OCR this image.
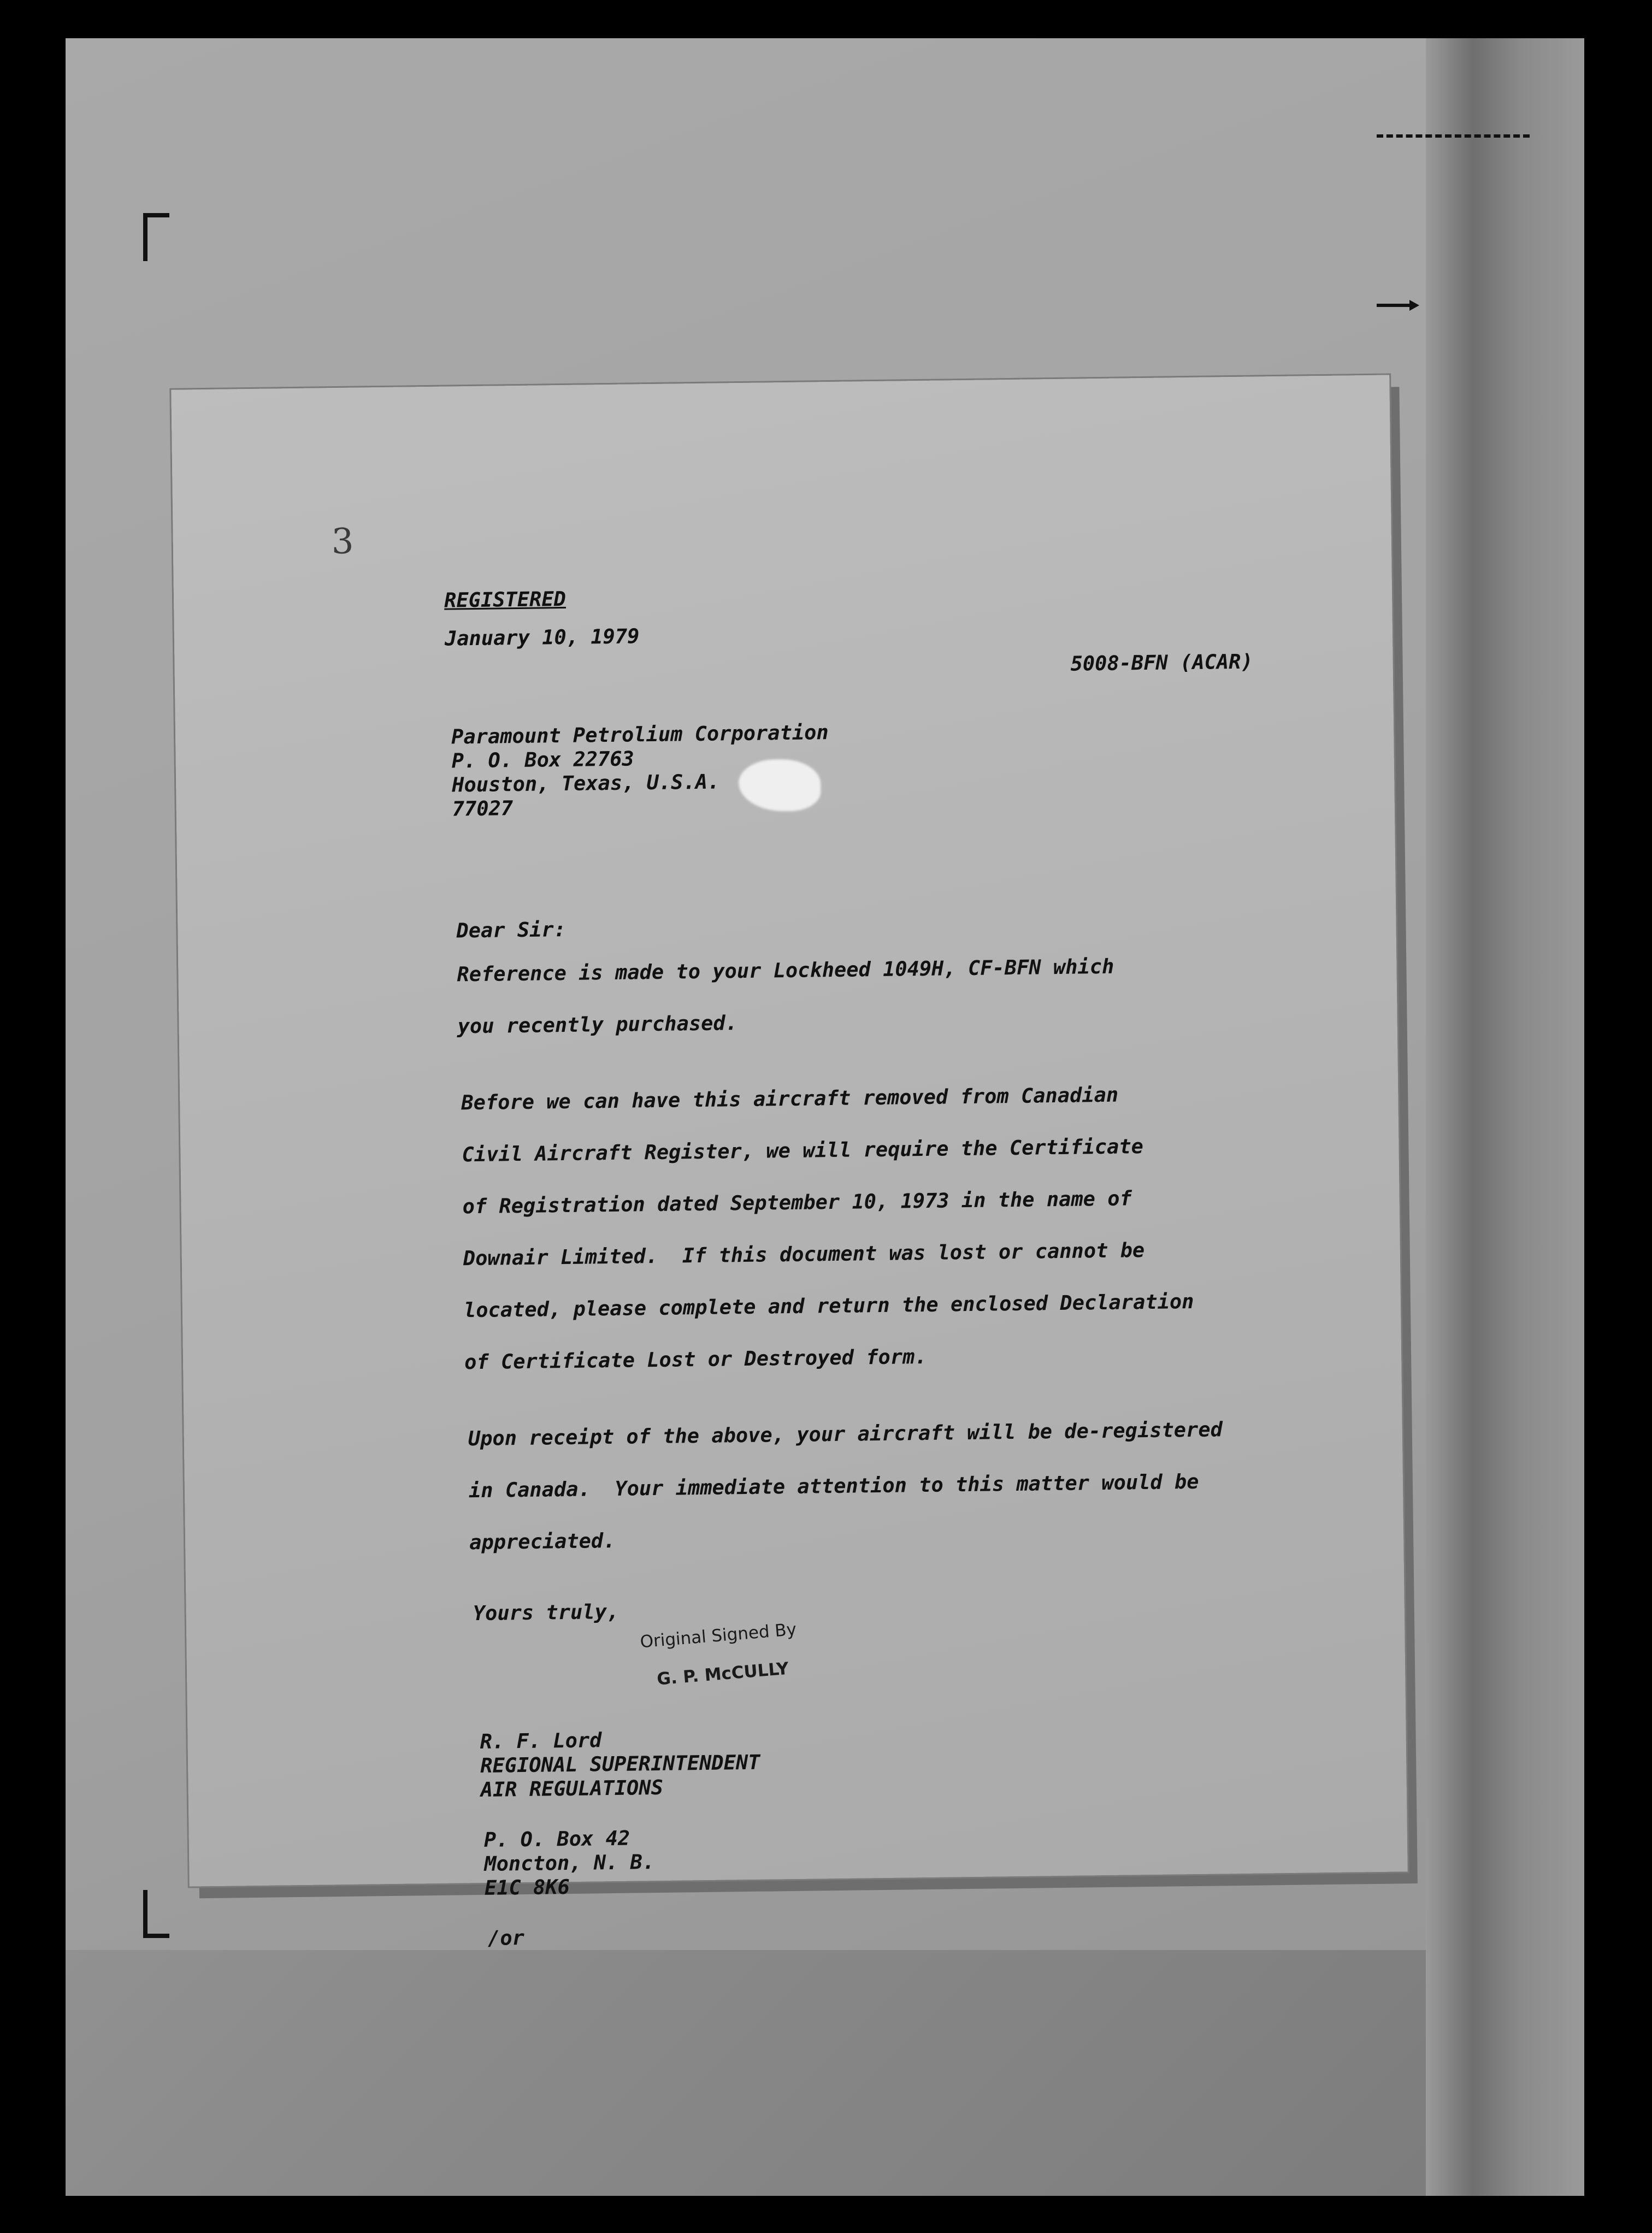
3
REGISTERED
January 10, 1979
5008-BFN (ACAR)
Paramount Petrolium Corporation
P. O. Box 22763
Houston, Texas, U.S.A.
77027
Dear Sir:
Reference is made to your Lockheed 1049H, CF-BFN which
you recently purchased.
Before we can have this aircraft removed from Canadian
Civil Aircraft Register, we will require the Certificate
of Registration dated September 10, 1973 in the name of
Downair Limited.  If this document was lost or cannot be
located, please complete and return the enclosed Declaration
of Certificate Lost or Destroyed form.
Upon receipt of the above, your aircraft will be de-registered
in Canada.  Your immediate attention to this matter would be
appreciated.
Yours truly,
Original Signed By
G. P. McCULLY
R. F. Lord
REGIONAL SUPERINTENDENT
AIR REGULATIONS
P. O. Box 42
Moncton, N. B.
E1C 8K6
/or
